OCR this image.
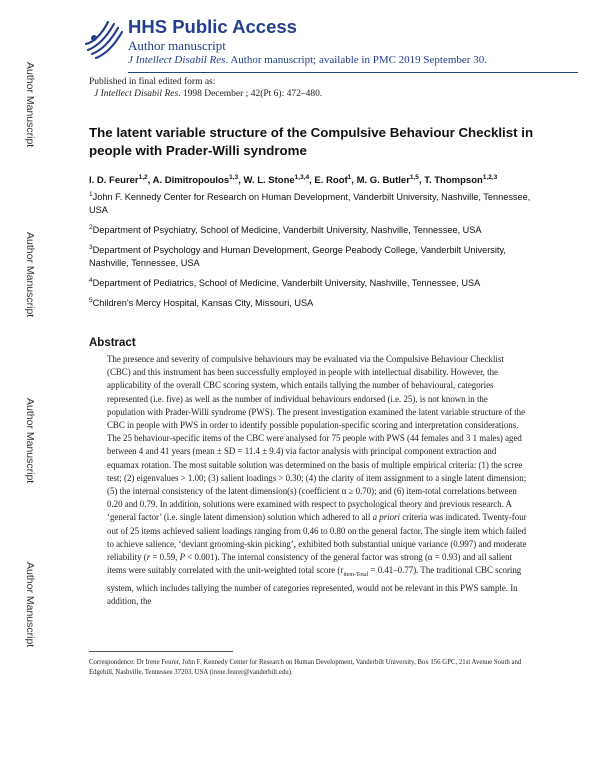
Author Manuscript
Author Manuscript
Author Manuscript
Author Manuscript
HHS Public Access
Author manuscript
J Intellect Disabil Res. Author manuscript; available in PMC 2019 September 30.
Published in final edited form as:
J Intellect Disabil Res. 1998 December ; 42(Pt 6): 472–480.
The latent variable structure of the Compulsive Behaviour Checklist in people with Prader-Willi syndrome
I. D. Feurer$^{1,2}$, A. Dimitropoulos$^{1,3}$, W. L. Stone$^{1,3,4}$, E. Roof$^1$, M. G. Butler$^{1,5}$, T. Thompson$^{1,2,3}$
$^1$John F. Kennedy Center for Research on Human Development, Vanderbilt University, Nashville, Tennessee, USA
$^2$Department of Psychiatry, School of Medicine, Vanderbilt University, Nashville, Tennessee, USA
$^3$Department of Psychology and Human Development, George Peabody College, Vanderbilt University, Nashville, Tennessee, USA
$^4$Department of Pediatrics, School of Medicine, Vanderbilt University, Nashville, Tennessee, USA
$^5$Children's Mercy Hospital, Kansas City, Missouri, USA
Abstract
The presence and severity of compulsive behaviours may be evaluated via the Compulsive Behaviour Checklist (CBC) and this instrument has been successfully employed in people with intellectual disability. However, the applicability of the overall CBC scoring system, which entails tallying the number of behavioural, categories represented (i.e. five) as well as the number of individual behaviours endorsed (i.e. 25), is not known in the population with Prader-Willi syndrome (PWS). The present investigation examined the latent variable structure of the CBC in people with PWS in order to identify possible population-specific scoring and interpretation considerations. The 25 behaviour-specific items of the CBC were analysed for 75 people with PWS (44 females and 3 1 males) aged between 4 and 41 years (mean ± SD = 11.4 ± 9.4) via factor analysis with principal component extraction and equamax rotation. The most suitable solution was determined on the basis of multiple empirical criteria: (1) the scree test; (2) eigenvalues > 1.00; (3) salient loadings > 0.30; (4) the clarity of item assignment to a single latent dimension; (5) the internal consistency of the latent dimension(s) (coefficient α ≥ 0.70); and (6) item-total correlations between 0.20 and 0.79. In addition, solutions were examined with respect to psychological theory and previous research. A ‘general factor’ (i.e. single latent dimension) solution which adhered to all a priori criteria was indicated. Twenty-four out of 25 items achieved salient loadings ranging from 0.46 to 0.80 on the general factor. The single item which failed to achieve salience, ‘deviant grooming-skin picking’, exhibited both substantial unique variance (0.997) and moderate reliability (r = 0.59, P < 0.001). The internal consistency of the general factor was strong (α = 0.93) and all salient items were suitably correlated with the unit-weighted total score $(r_{item-Total} = 0.41-0.77)$. The traditional CBC scoring system, which includes tallying the number of categories represented, would not be relevant in this PWS sample. In addition, the
Correspondence: Dr Irene Feurer, John F. Kennedy Center for Research on Human Development, Vanderbilt University, Box 156 GPC, 21st Avenue South and Edgehill, Nashville, Tennessee 37203, USA (irene.feurer@vanderbilt.edu).
